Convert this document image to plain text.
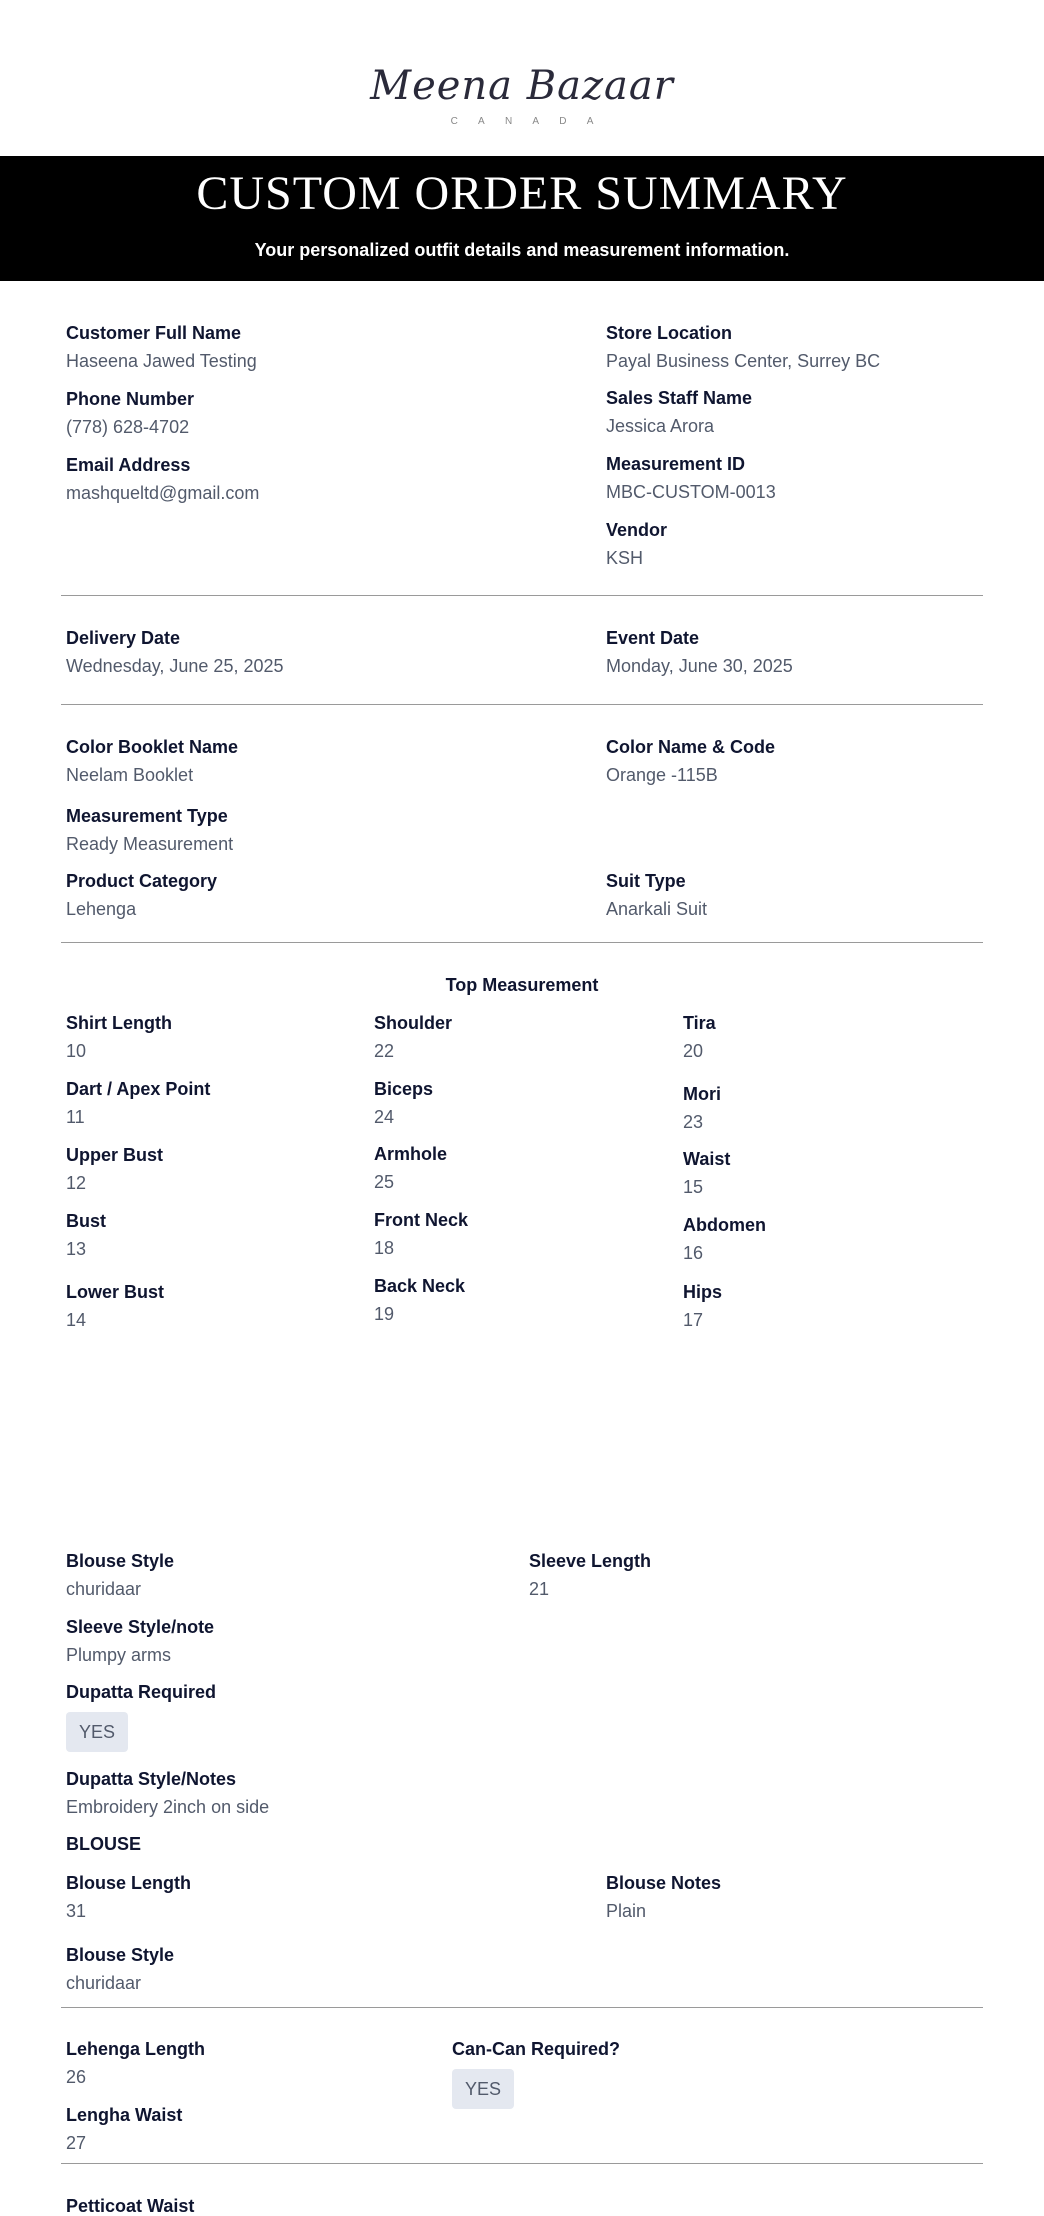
Meena Bazaar
C A N A D A
CUSTOM ORDER SUMMARY
Your personalized outfit details and measurement information.
Customer Full Name
Haseena Jawed Testing
Phone Number
(778) 628-4702
Email Address
mashqueltd@gmail.com
Store Location
Payal Business Center, Surrey BC
Sales Staff Name
Jessica Arora
Measurement ID
MBC-CUSTOM-0013
Vendor
KSH
Delivery Date
Wednesday, June 25, 2025
Event Date
Monday, June 30, 2025
Color Booklet Name
Neelam Booklet
Color Name & Code
Orange -115B
Measurement Type
Ready Measurement
Product Category
Lehenga
Suit Type
Anarkali Suit
Top Measurement
Shirt Length
10
Dart / Apex Point
11
Upper Bust
12
Bust
13
Lower Bust
14
Shoulder
22
Biceps
24
Armhole
25
Front Neck
18
Back Neck
19
Tira
20
Mori
23
Waist
15
Abdomen
16
Hips
17
Blouse Style
churidaar
Sleeve Length
21
Sleeve Style/note
Plumpy arms
Dupatta Required
YES
Dupatta Style/Notes
Embroidery 2inch on side
BLOUSE
Blouse Length
31
Blouse Notes
Plain
Blouse Style
churidaar
Lehenga Length
26
Can-Can Required?
YES
Lengha Waist
27
Petticoat Waist
